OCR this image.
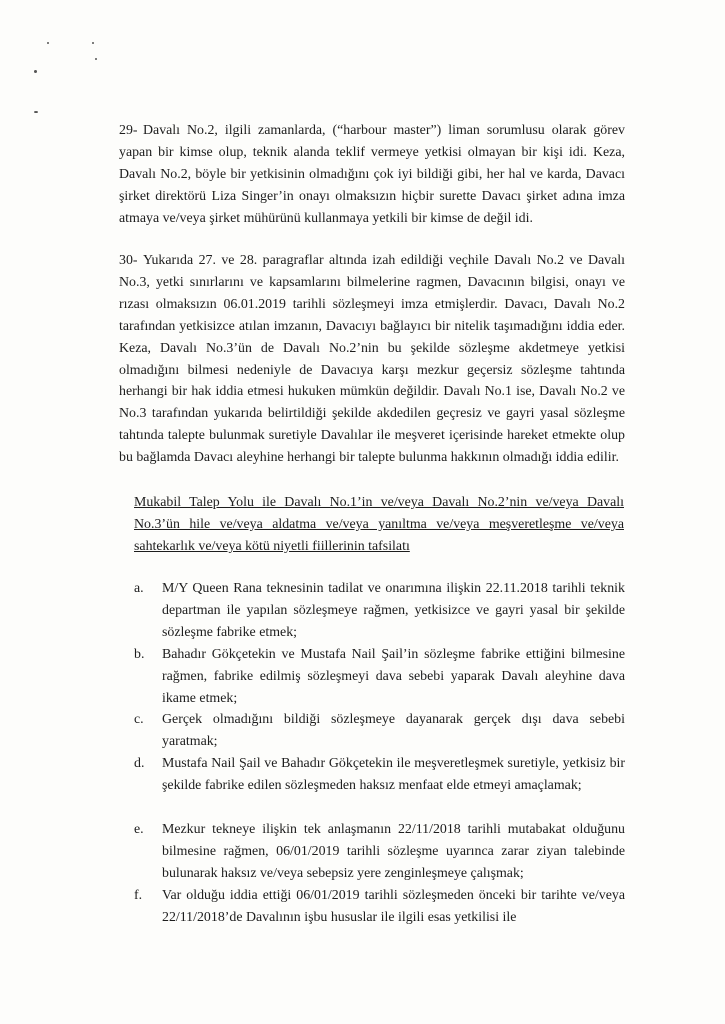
29- Davalı No.2, ilgili zamanlarda, (“harbour master”) liman sorumlusu olarak görev yapan bir kimse olup, teknik alanda teklif vermeye yetkisi olmayan bir kişi idi. Keza, Davalı No.2, böyle bir yetkisinin olmadığını çok iyi bildiği gibi, her hal ve karda, Davacı şirket direktörü Liza Singer’in onayı olmaksızın hiçbir surette Davacı şirket adına imza atmaya ve/veya şirket mühürünü kullanmaya yetkili bir kimse de değil idi.

30- Yukarıda 27. ve 28. paragraflar altında izah edildiği veçhile Davalı No.2 ve Davalı No.3, yetki sınırlarını ve kapsamlarını bilmelerine ragmen, Davacının bilgisi, onayı ve rızası olmaksızın 06.01.2019 tarihli sözleşmeyi imza etmişlerdir. Davacı, Davalı No.2 tarafından yetkisizce atılan imzanın, Davacıyı bağlayıcı bir nitelik taşımadığını iddia eder. Keza, Davalı No.3’ün de Davalı No.2’nin bu şekilde sözleşme akdetmeye yetkisi olmadığını bilmesi nedeniyle de Davacıya karşı mezkur geçersiz sözleşme tahtında herhangi bir hak iddia etmesi hukuken mümkün değildir. Davalı No.1 ise, Davalı No.2 ve No.3 tarafından yukarıda belirtildiği şekilde akdedilen geçresiz ve gayri yasal sözleşme tahtında talepte bulunmak suretiyle Davalılar ile meşveret içerisinde hareket etmekte olup bu bağlamda Davacı aleyhine herhangi bir talepte bulunma hakkının olmadığı iddia edilir.

Mukabil Talep Yolu ile Davalı No.1’in ve/veya Davalı No.2’nin ve/veya Davalı No.3’ün hile ve/veya aldatma ve/veya yanıltma ve/veya meşveretleşme ve/veya sahtekarlık ve/veya kötü niyetli fiillerinin tafsilatı
a. M/Y Queen Rana teknesinin tadilat ve onarımına ilişkin 22.11.2018 tarihli teknik departman ile yapılan sözleşmeye rağmen, yetkisizce ve gayri yasal bir şekilde sözleşme fabrike etmek;
b. Bahadır Gökçetekin ve Mustafa Nail Şail’in sözleşme fabrike ettiğini bilmesine rağmen, fabrike edilmiş sözleşmeyi dava sebebi yaparak Davalı aleyhine dava ikame etmek;
c. Gerçek olmadığını bildiği sözleşmeye dayanarak gerçek dışı dava sebebi yaratmak;
d. Mustafa Nail Şail ve Bahadır Gökçetekin ile meşveretleşmek suretiyle, yetkisiz bir şekilde fabrike edilen sözleşmeden haksız menfaat elde etmeyi amaçlamak;
e. Mezkur tekneye ilişkin tek anlaşmanın 22/11/2018 tarihli mutabakat olduğunu bilmesine rağmen, 06/01/2019 tarihli sözleşme uyarınca zarar ziyan talebinde bulunarak haksız ve/veya sebepsiz yere zenginleşmeye çalışmak;
f. Var olduğu iddia ettiği 06/01/2019 tarihli sözleşmeden önceki bir tarihte ve/veya 22/11/2018’de Davalının işbu hususlar ile ilgili esas yetkilisi ile
